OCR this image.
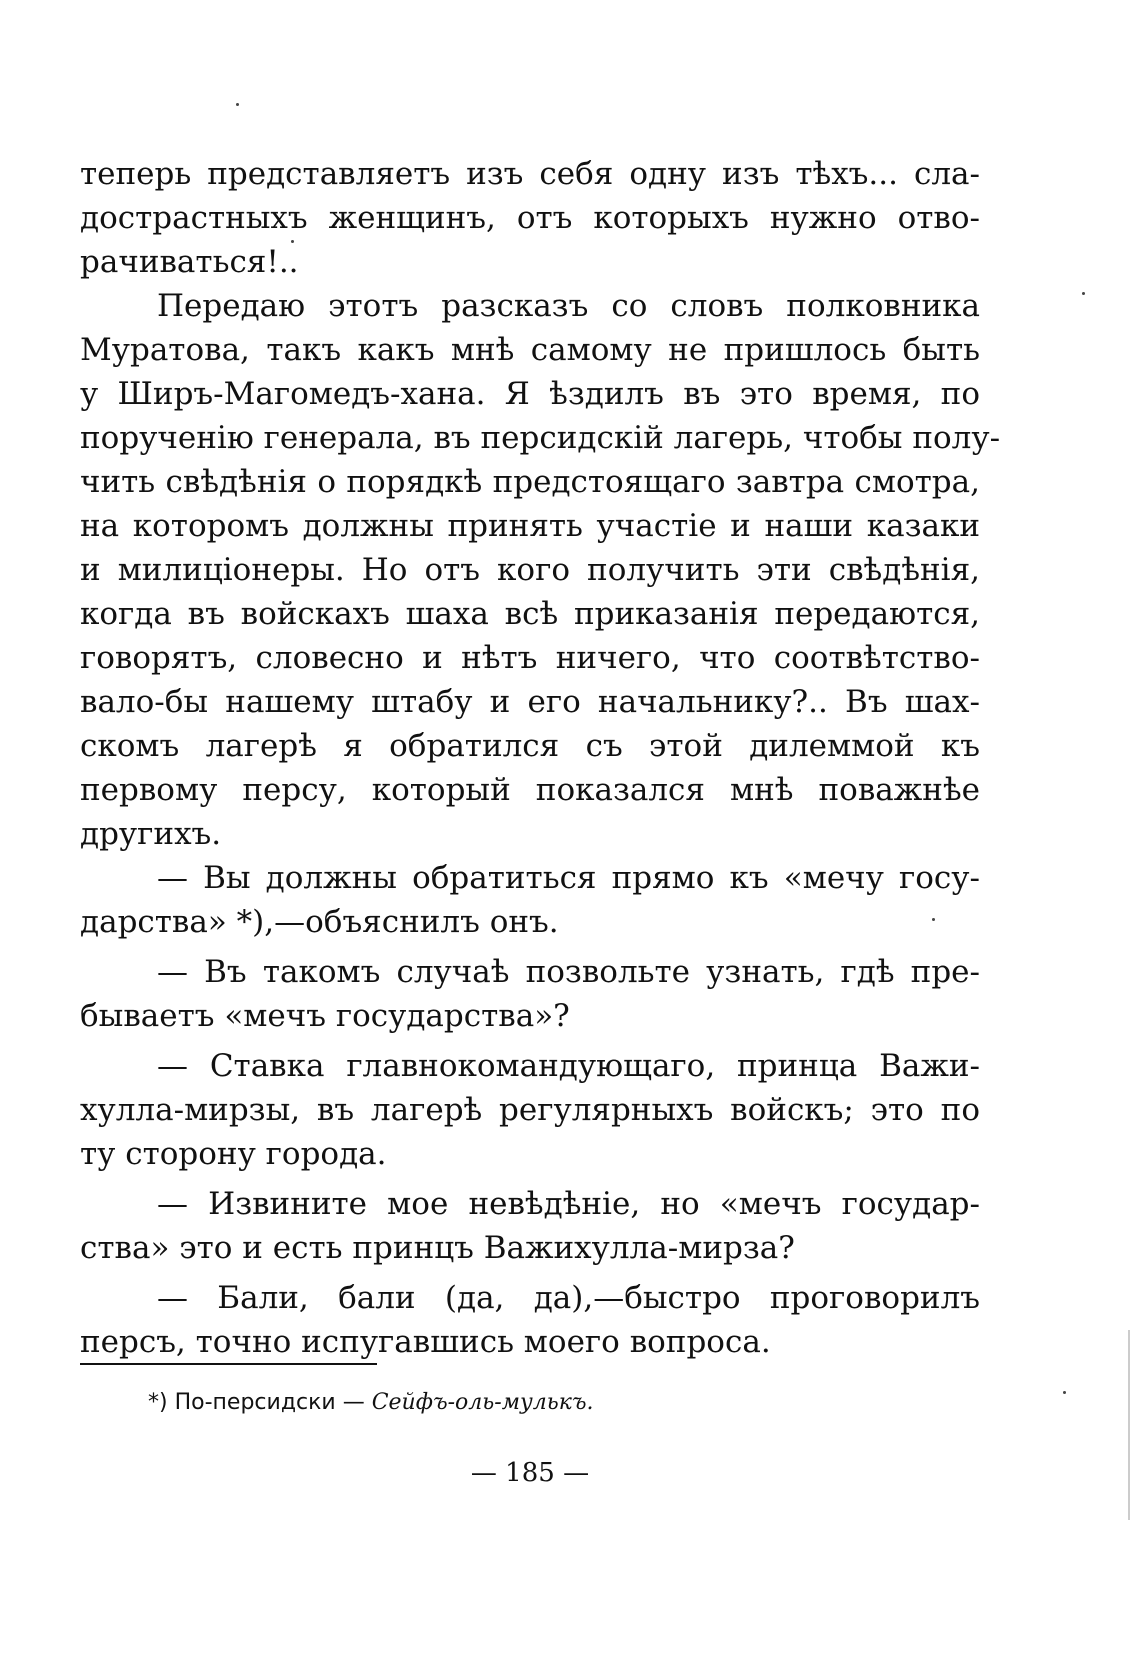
теперь представляетъ изъ себя одну изъ тѣхъ... сла-
дострастныхъ женщинъ, отъ которыхъ нужно отво-
рачиваться!..
Передаю этотъ разсказъ со словъ полковника
Муратова, такъ какъ мнѣ самому не пришлось быть
у Ширъ-Магомедъ-хана. Я ѣздилъ въ это время, по
порученію генерала, въ персидскій лагерь, чтобы полу-
чить свѣдѣнія о порядкѣ предстоящаго завтра смотра,
на которомъ должны принять участіе и наши казаки
и милиціонеры. Но отъ кого получить эти свѣдѣнія,
когда въ войскахъ шаха всѣ приказанія передаются,
говорятъ, словесно и нѣтъ ничего, что соотвѣтство-
вало-бы нашему штабу и его начальнику?.. Въ шах-
скомъ лагерѣ я обратился съ этой дилеммой къ
первому персу, который показался мнѣ поважнѣе
другихъ.
— Вы должны обратиться прямо къ «мечу госу-
дарства» *),—объяснилъ онъ.
— Въ такомъ случаѣ позвольте узнать, гдѣ пре-
бываетъ «мечъ государства»?
— Ставка главнокомандующаго, принца Важи-
хулла-мирзы, въ лагерѣ регулярныхъ войскъ; это по
ту сторону города.
— Извините мое невѣдѣніе, но «мечъ государ-
ства» это и есть принцъ Важихулла-мирза?
— Бали, бали (да, да),—быстро проговорилъ
персъ, точно испугавшись моего вопроса.
*) По-персидски — Сейфъ-оль-мулькъ.
— 185 —
